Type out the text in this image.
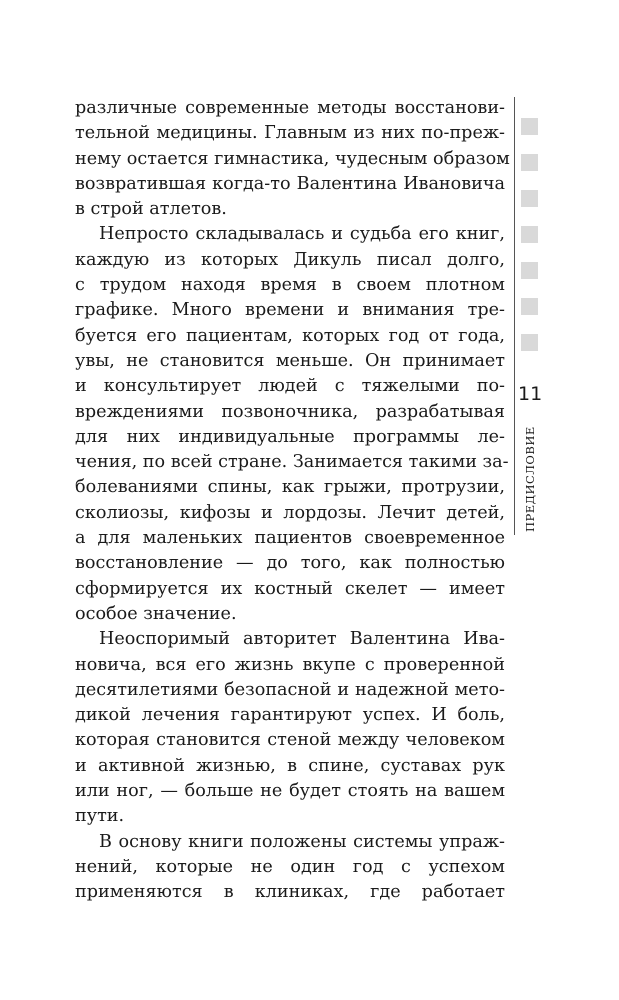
различные современные методы восстанови-
тельной медицины. Главным из них по-преж-
нему остается гимнастика, чудесным образом
возвратившая когда-то Валентина Ивановича
в строй атлетов.
Непросто складывалась и судьба его книг,
каждую из которых Дикуль писал долго,
с трудом находя время в своем плотном
графике. Много времени и внимания тре-
буется его пациентам, которых год от года,
увы, не становится меньше. Он принимает
и консультирует людей с тяжелыми по-
вреждениями позвоночника, разрабатывая
для них индивидуальные программы ле-
чения, по всей стране. Занимается такими за-
болеваниями спины, как грыжи, протрузии,
сколиозы, кифозы и лордозы. Лечит детей,
а для маленьких пациентов своевременное
восстановление — до того, как полностью
сформируется их костный скелет — имеет
особое значение.
Неоспоримый авторитет Валентина Ива-
новича, вся его жизнь вкупе с проверенной
десятилетиями безопасной и надежной мето-
дикой лечения гарантируют успех. И боль,
которая становится стеной между человеком
и активной жизнью, в спине, суставах рук
или ног, — больше не будет стоять на вашем
пути.
В основу книги положены системы упраж-
нений, которые не один год с успехом
применяются в клиниках, где работает
11
ПРЕДИСЛОВИЕ
